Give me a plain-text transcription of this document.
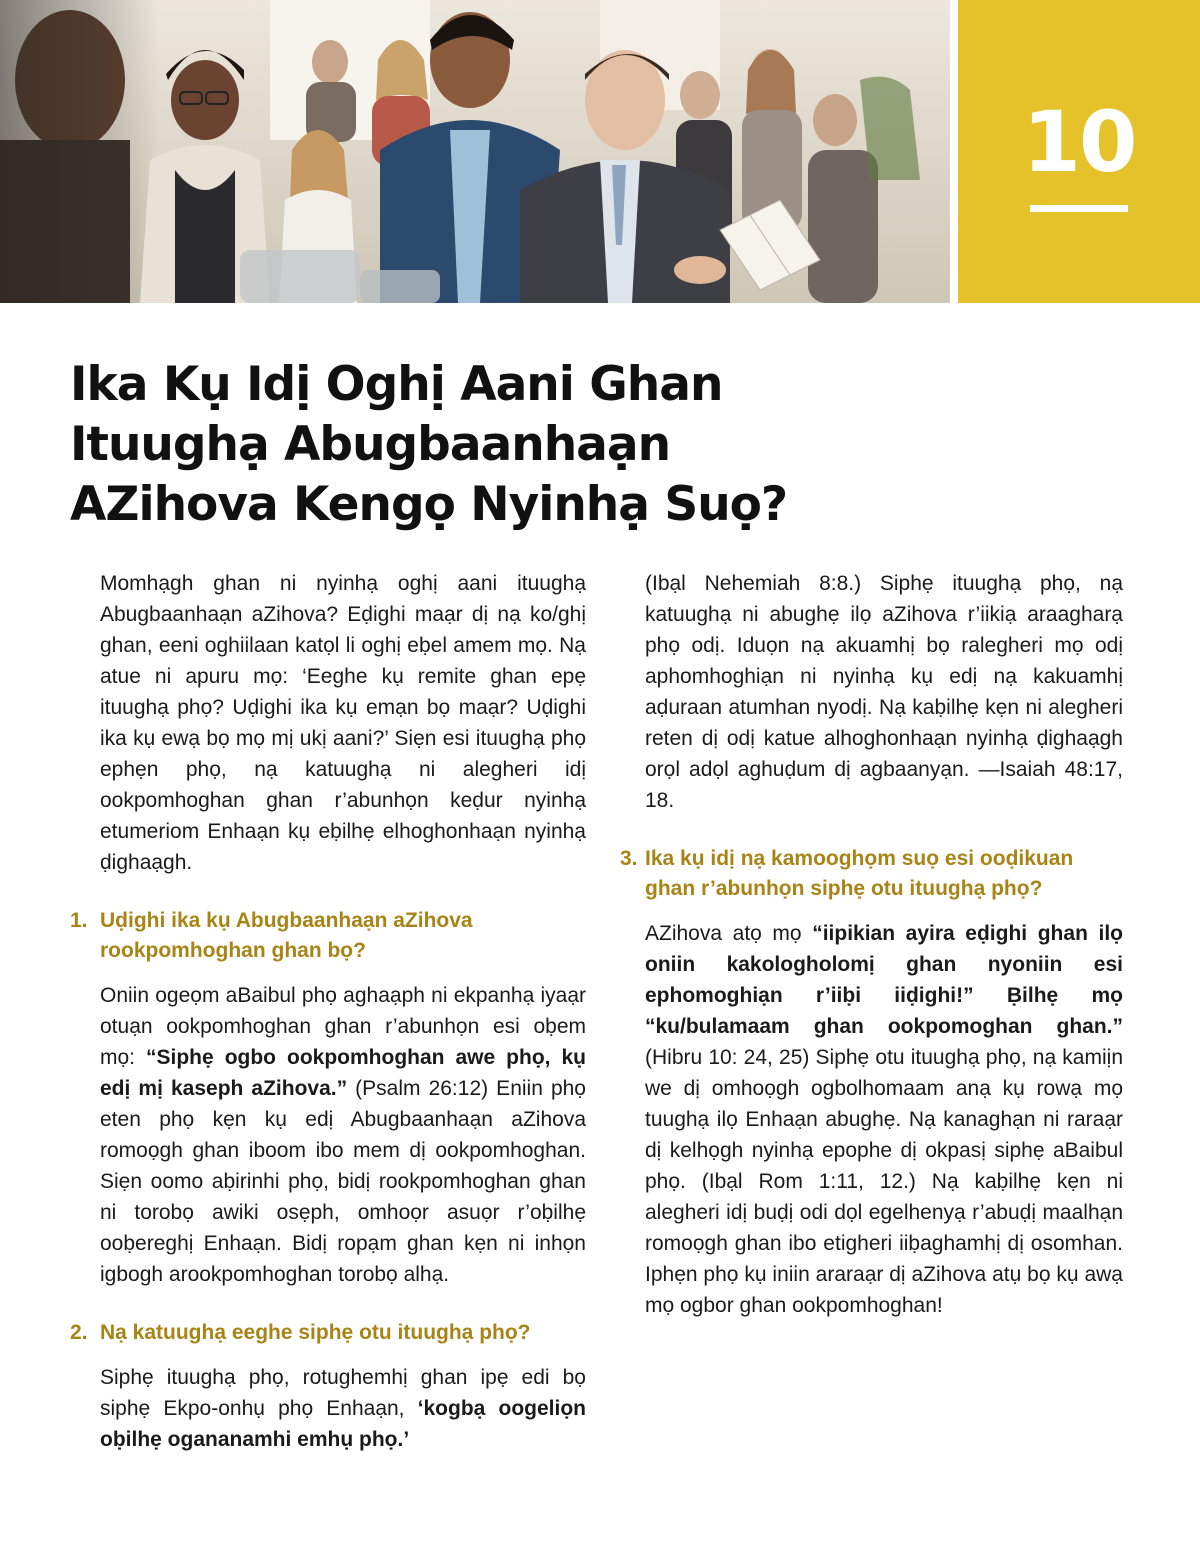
10
Ika Kụ Idị Oghị Aani Ghan
Ituughạ Abugbaanhaạn
AZihova Kengọ Nyinhạ Suọ?

Momhạgh ghan ni nyinhạ oghị aani ituughạ Abugbaanhaạn aZihova? Eḍighi maạr dị nạ ko/ghị ghan, eeni oghiilaan katọl li oghị eḅel amem mọ. Nạ atue ni apuru mọ: ‘Eeghe kụ remite ghan epẹ ituughạ phọ? Uḍighi ika kụ emạn bọ maạr? Uḍighi ika kụ ewạ bọ mọ mị ukị aani?’ Siẹn esi ituughạ phọ ephẹn phọ, nạ katuughạ ni alegheri idị ookpomhoghan ghan r’abunhọn keḍur nyinhạ etumeriom Enhaạn kụ eḅilhẹ elhoghonhaạn nyinhạ ḍighaạgh.

1. Uḍighi ika kụ Abugbaanhaạn aZihova rookpomhoghan ghan bọ?

Oniin ogeọm aBaibul phọ aghaạph ni ekpanhạ iyaạr otuạn ookpomhoghan ghan r’abunhọn esi oḅem mọ: “Siphẹ ogbo ookpomhoghan awe phọ, kụ edị mị kaseph aZihova.” (Psalm 26:12) Eniin phọ eten phọ kẹn kụ edị Abugbaanhaạn aZihova romoọgh ghan iboom ibo mem dị ookpomhoghan. Siẹn oomo aḅirinhi phọ, bidị rookpomhoghan ghan ni torobọ awiki osẹph, omhoọr asuọr r’oḅilhẹ ooḅereghị Enhaạn. Bidị ropạm ghan kẹn ni inhọn igbogh arookpomhoghan torobọ alhạ.

2. Nạ katuughạ eeghe siphẹ otu ituughạ phọ?

Siphẹ ituughạ phọ, rotughemhị ghan ipẹ edi bọ siphẹ Ekpo-onhụ phọ Enhaạn, ‘kogbạ oogeliọn oḅilhẹ ogananamhi emhụ phọ.’

(Ibạl Nehemiah 8:8.) Siphẹ ituughạ phọ, nạ katuughạ ni abughẹ ilọ aZihova r’iikiạ araagharạ phọ odị. Iduọn nạ akuamhị bọ ralegheri mọ odị aphomhoghiạn ni nyinhạ kụ edị nạ kakuamhị aḍuraan atumhan nyodị. Nạ kaḅilhẹ kẹn ni alegheri reten dị odị katue alhoghonhaạn nyinhạ ḍighaạgh orọl adọl aghuḍum dị agbaanyạn. —Isaiah 48:17, 18.

3. Ika kụ idị nạ kamooghọm suọ esi ooḍikuan ghan r’abunhọn siphẹ otu ituughạ phọ?

AZihova atọ mọ “iipikian ayira eḍighi ghan ilọ oniin kakologholomị ghan nyoniin esi ephomoghiạn r’iiḅi iiḍighi!” Ḅilhẹ mọ “ku/bulamaam ghan ookpomoghan ghan.” (Hibru 10: 24, 25) Siphẹ otu ituughạ phọ, nạ kamiịn we dị omhoọgh ogbolhomaam anạ kụ rowạ mọ tuughạ ilọ Enhaạn abughẹ. Nạ kanaghạn ni raraạr dị kelhọgh nyinhạ epophe dị okpasị siphẹ aBaibul phọ. (Ibạl Rom 1:11, 12.) Nạ kaḅilhẹ kẹn ni alegheri idị buḍị odi dọl egelhenyạ r’abuḍị maalhạn romoọgh ghan ibo etigheri iiḅaghamhị dị osomhan. Iphẹn phọ kụ iniin araraạr dị aZihova atụ bọ kụ awạ mọ ogbor ghan ookpomhoghan!
